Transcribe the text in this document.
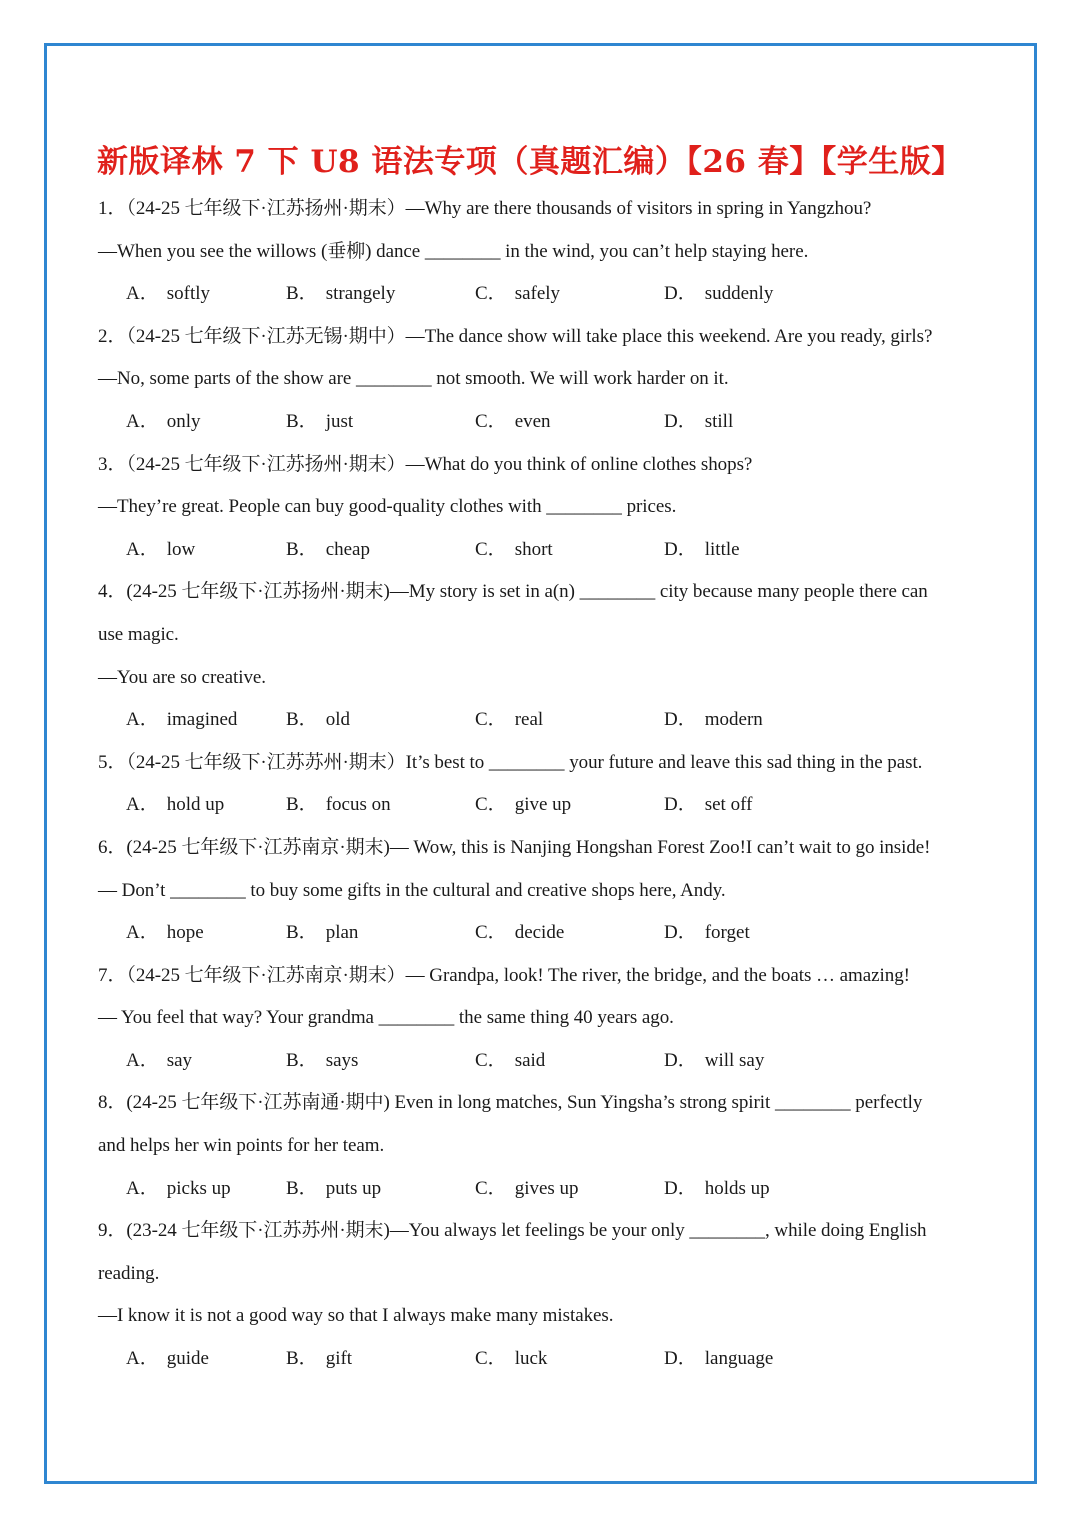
新版译林 7 下 U8 语法专项（真题汇编）【26 春】【学生版】
1．（24-25 七年级下·江苏扬州·期末）—Why are there thousands of visitors in spring in Yangzhou?
—When you see the willows (垂柳) dance ________ in the wind, you can’t help staying here.
A． softly	B． strangely	C． safely	D． suddenly
2．（24-25 七年级下·江苏无锡·期中）—The dance show will take place this weekend. Are you ready, girls?
—No, some parts of the show are ________ not smooth. We will work harder on it.
A． only	B． just	C． even	D． still
3．（24-25 七年级下·江苏扬州·期末）—What do you think of online clothes shops?
—They’re great. People can buy good-quality clothes with ________ prices.
A． low	B． cheap	C． short	D． little
4．(24-25 七年级下·江苏扬州·期末)—My story is set in a(n) ________ city because many people there can
use magic.
—You are so creative.
A． imagined	B． old	C． real	D． modern
5．（24-25 七年级下·江苏苏州·期末）It’s best to ________ your future and leave this sad thing in the past.
A． hold up	B． focus on	C． give up	D． set off
6．(24-25 七年级下·江苏南京·期末)— Wow, this is Nanjing Hongshan Forest Zoo!I can’t wait to go inside!
— Don’t ________ to buy some gifts in the cultural and creative shops here, Andy.
A． hope	B． plan	C． decide	D． forget
7．（24-25 七年级下·江苏南京·期末）— Grandpa, look! The river, the bridge, and the boats … amazing!
— You feel that way? Your grandma ________ the same thing 40 years ago.
A． say	B． says	C． said	D． will say
8．(24-25 七年级下·江苏南通·期中) Even in long matches, Sun Yingsha’s strong spirit ________ perfectly
and helps her win points for her team.
A． picks up	B． puts up	C． gives up	D． holds up
9．(23-24 七年级下·江苏苏州·期末)—You always let feelings be your only ________, while doing English
reading.
—I know it is not a good way so that I always make many mistakes.
A． guide	B． gift	C． luck	D． language
